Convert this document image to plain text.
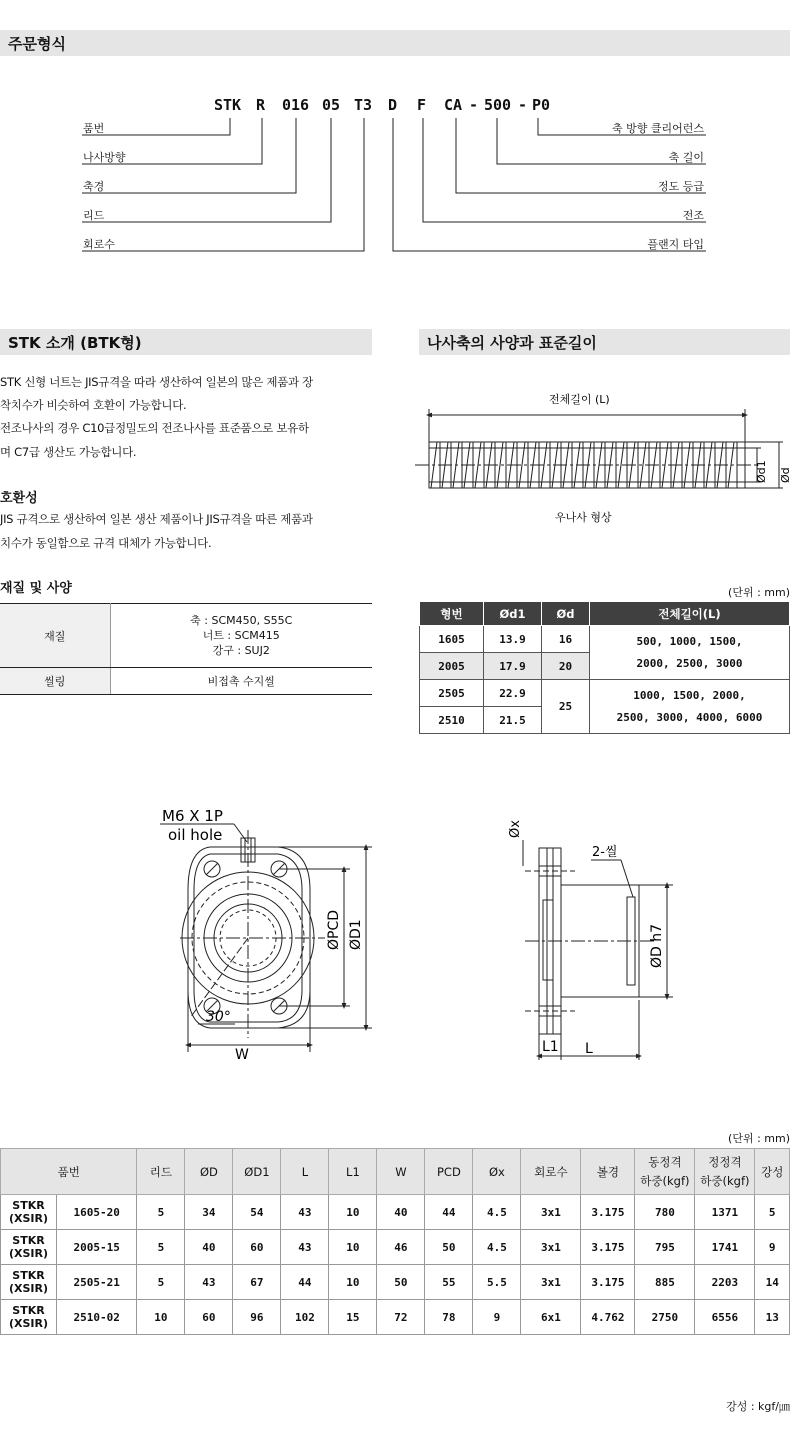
주문형식
STK R 016 05 T3 D F CA - 500 - P0
품번
나사방향
축경
리드
회로수
축 방향 클리어런스
축 길이
정도 등급
전조
플랜지 타입
STK 소개 (BTK형)
STK 신형 너트는 JIS규격을 따라 생산하여 일본의 많은 제품과 장
착치수가 비슷하여 호환이 가능합니다.
전조나사의 경우 C10급정밀도의 전조나사를 표준품으로 보유하
며 C7급 생산도 가능합니다.
호환성
JIS 규격으로 생산하여 일본 생산 제품이나 JIS규격을 따른 제품과
치수가 동일함으로 규격 대체가 가능합니다.
재질 및 사양
재질	축 : SCM450, S55C
너트 : SCM415
강구 : SUJ2

씰링	비접촉 수지씰
나사축의 사양과 표준길이
전체길이 (L)
우나사 형상
Ød1 Ød
(단위 : mm)
형번	Ød1	Ød	전체길이(L)
1605	13.9	16	500, 1000, 1500,
2000, 2500, 3000

2005	17.9	20	
2505	22.9	25	1000, 1500, 2000,
2500, 3000, 4000, 6000

2510	21.5		
M6 X 1P
oil hole
ØPCD ØD1
30°
W
Øx
2-씰
ØD h7
L1 L
(단위 : mm)
품번		리드	ØD	ØD1	L	L1	W	PCD	Øx	회로수	볼경	동정격
하중(kgf)	정정격
하중(kgf)	강성
STKR
(XSIR)	1605-20	5	34	54	43	10	40	44	4.5	3x1	3.175	780	1371	5
STKR
(XSIR)	2005-15	5	40	60	43	10	46	50	4.5	3x1	3.175	795	1741	9
STKR
(XSIR)	2505-21	5	43	67	44	10	50	55	5.5	3x1	3.175	885	2203	14
STKR
(XSIR)	2510-02	10	60	96	102	15	72	78	9	6x1	4.762	2750	6556	13
강성 : kgf/㎛
